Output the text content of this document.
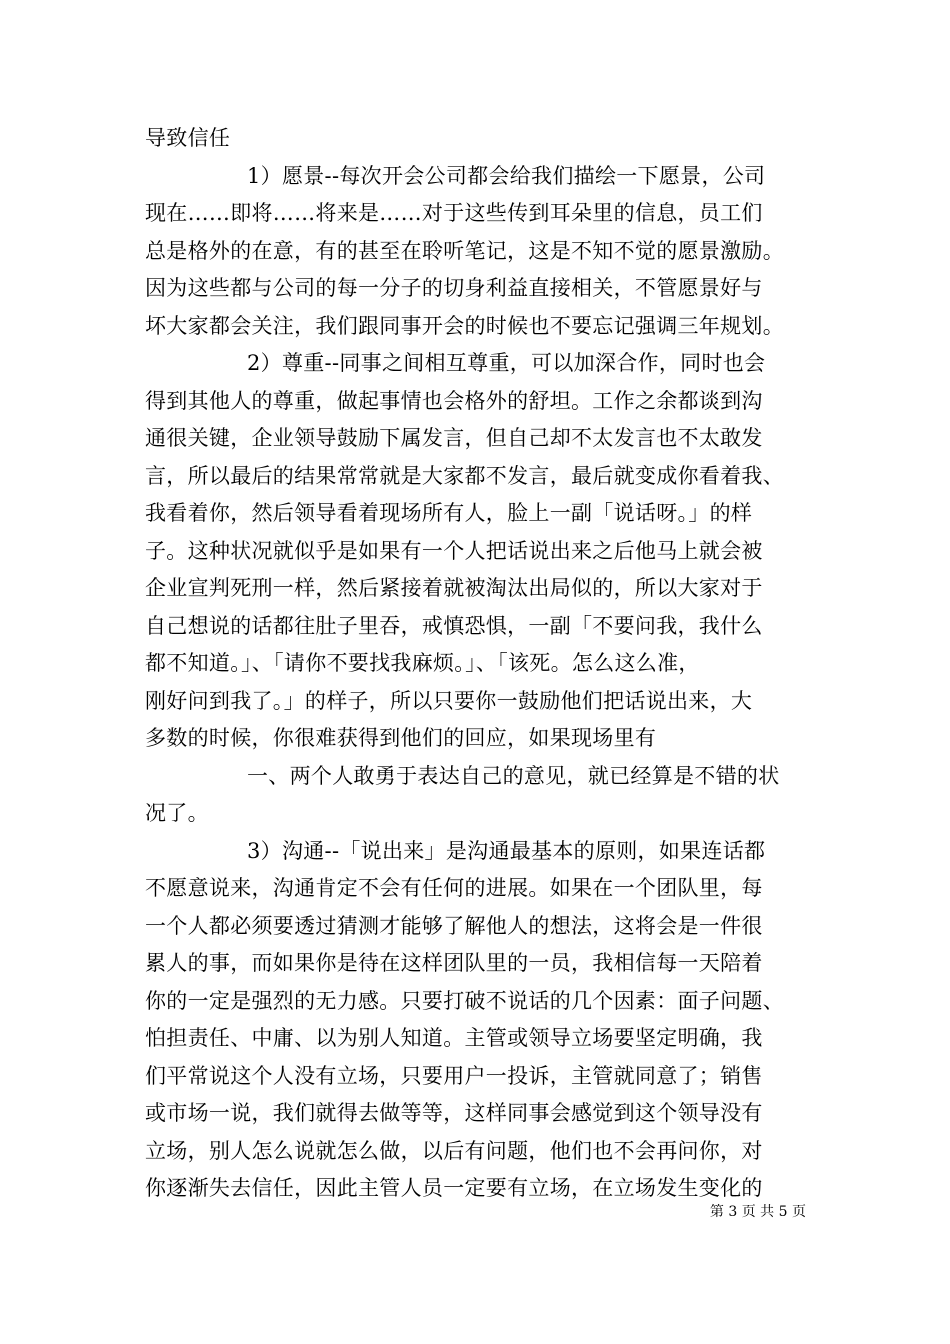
导致信任
1）愿景--每次开会公司都会给我们描绘一下愿景，公司
现在……即将……将来是……对于这些传到耳朵里的信息，员工们
总是格外的在意，有的甚至在聆听笔记，这是不知不觉的愿景激励。
因为这些都与公司的每一分子的切身利益直接相关，不管愿景好与
坏大家都会关注，我们跟同事开会的时候也不要忘记强调三年规划。
2）尊重--同事之间相互尊重，可以加深合作，同时也会
得到其他人的尊重，做起事情也会格外的舒坦。工作之余都谈到沟
通很关键，企业领导鼓励下属发言，但自己却不太发言也不太敢发
言，所以最后的结果常常就是大家都不发言，最后就变成你看着我、
我看着你，然后领导看着现场所有人，脸上一副「说话呀。」的样
子。这种状况就似乎是如果有一个人把话说出来之后他马上就会被
企业宣判死刑一样，然后紧接着就被淘汰出局似的，所以大家对于
自己想说的话都往肚子里吞，戒慎恐惧，一副「不要问我，我什么
都不知道。」、「请你不要找我麻烦。」、「该死。怎么这么准，
刚好问到我了。」的样子，所以只要你一鼓励他们把话说出来，大
多数的时候，你很难获得到他们的回应，如果现场里有
一、两个人敢勇于表达自己的意见，就已经算是不错的状
况了。
3）沟通--「说出来」是沟通最基本的原则，如果连话都
不愿意说来，沟通肯定不会有任何的进展。如果在一个团队里，每
一个人都必须要透过猜测才能够了解他人的想法，这将会是一件很
累人的事，而如果你是待在这样团队里的一员，我相信每一天陪着
你的一定是强烈的无力感。只要打破不说话的几个因素：面子问题、
怕担责任、中庸、以为别人知道。主管或领导立场要坚定明确，我
们平常说这个人没有立场，只要用户一投诉，主管就同意了；销售
或市场一说，我们就得去做等等，这样同事会感觉到这个领导没有
立场，别人怎么说就怎么做，以后有问题，他们也不会再问你，对
你逐渐失去信任，因此主管人员一定要有立场，在立场发生变化的
第 3 页 共 5 页
